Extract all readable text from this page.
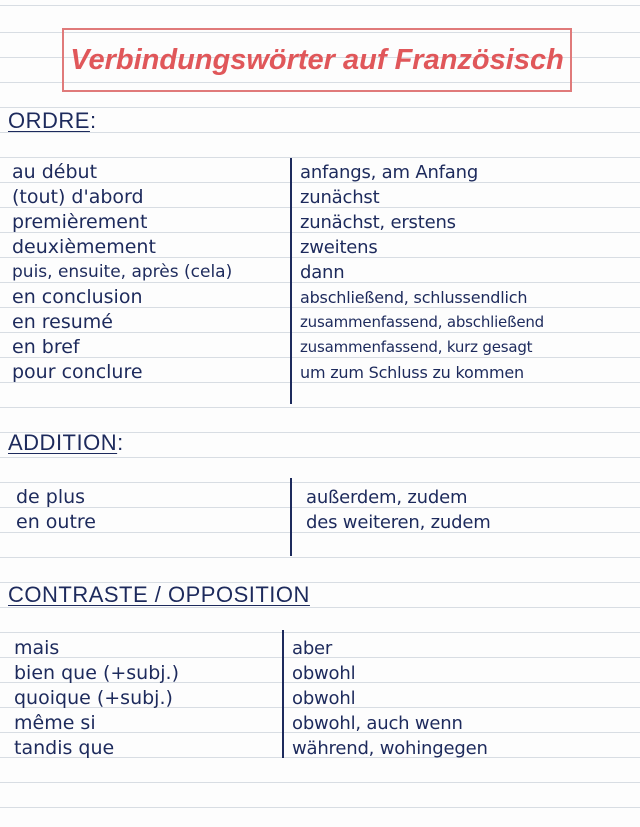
Verbindungswörter auf Französisch
ORDRE:
au début
(tout) d'abord
premièrement
deuxièmement
puis, ensuite, après (cela)
en conclusion
en resumé
en bref
pour conclure
anfangs, am Anfang
zunächst
zunächst, erstens
zweitens
dann
abschließend, schlussendlich
zusammenfassend, abschließend
zusammenfassend, kurz gesagt
um zum Schluss zu kommen
ADDITION:
de plus
en outre
außerdem, zudem
des weiteren, zudem
CONTRASTE / OPPOSITION
mais
bien que (+subj.)
quoique (+subj.)
même si
tandis que
aber
obwohl
obwohl
obwohl, auch wenn
während, wohingegen
